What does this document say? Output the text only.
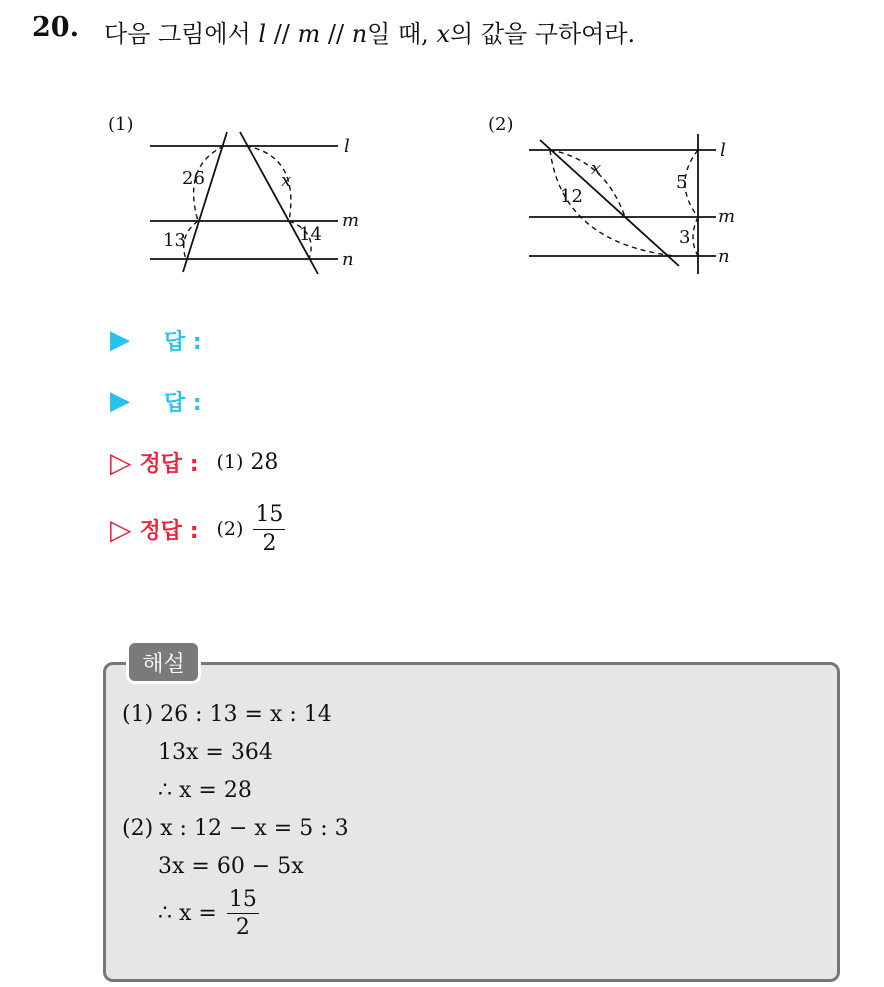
20. 다음 그림에서 l // m // n일 때, x의 값을 구하여라.
(1)
l
m
n
26
13
x
14
(2)
l
m
n
x
12
5
3
▶ 답 :
▶ 답 :
▷ 정답 : (1)
28
▷ 정답 : $(2) \frac{15}{2}$
해설
(1) 26 : 13 = x : 14
13x = 364
∴ x = 28
(2) x : 12 − x = 5 : 3
3x = 60 − 5x
∴ $x = \frac{15}{2}$
